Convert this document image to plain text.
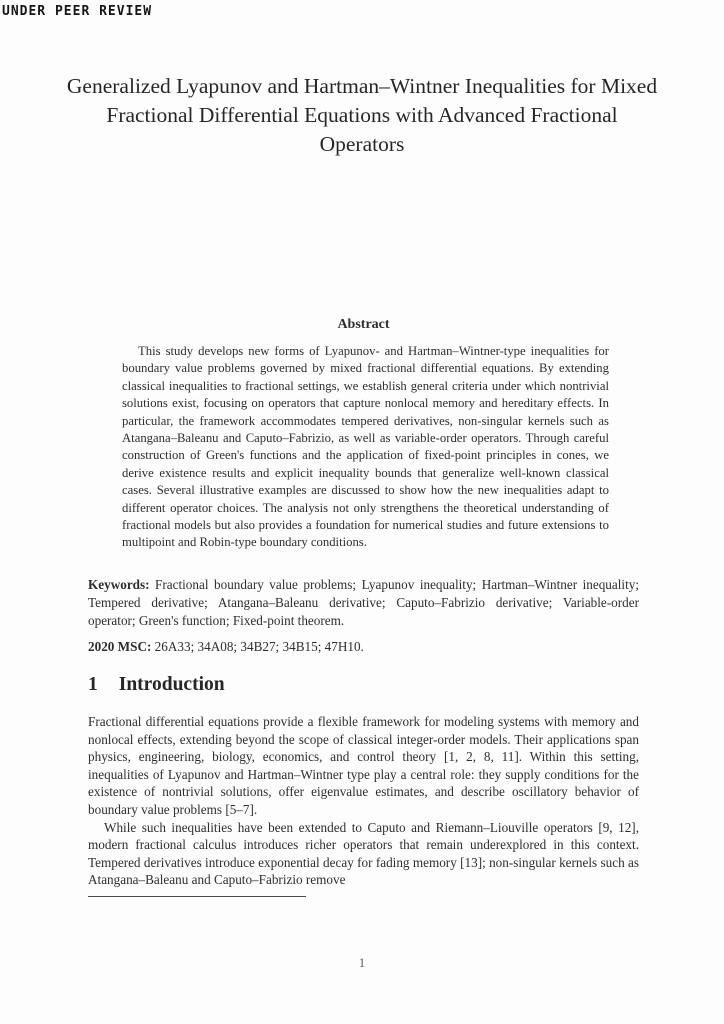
UNDER PEER REVIEW
Generalized Lyapunov and Hartman–Wintner Inequalities for Mixed Fractional Differential Equations with Advanced Fractional Operators
Abstract

This study develops new forms of Lyapunov- and Hartman–Wintner-type inequalities for boundary value problems governed by mixed fractional differential equations. By extending classical inequalities to fractional settings, we establish general criteria under which nontrivial solutions exist, focusing on operators that capture nonlocal memory and hereditary effects. In particular, the framework accommodates tempered derivatives, non-singular kernels such as Atangana–Baleanu and Caputo–Fabrizio, as well as variable-order operators. Through careful construction of Green's functions and the application of fixed-point principles in cones, we derive existence results and explicit inequality bounds that generalize well-known classical cases. Several illustrative examples are discussed to show how the new inequalities adapt to different operator choices. The analysis not only strengthens the theoretical understanding of fractional models but also provides a foundation for numerical studies and future extensions to multipoint and Robin-type boundary conditions.

Keywords: Fractional boundary value problems; Lyapunov inequality; Hartman–Wintner inequality; Tempered derivative; Atangana–Baleanu derivative; Caputo–Fabrizio derivative; Variable-order operator; Green's function; Fixed-point theorem.

2020 MSC: 26A33; 34A08; 34B27; 34B15; 47H10.

1 Introduction

Fractional differential equations provide a flexible framework for modeling systems with memory and nonlocal effects, extending beyond the scope of classical integer-order models. Their applications span physics, engineering, biology, economics, and control theory [1, 2, 8, 11]. Within this setting, inequalities of Lyapunov and Hartman–Wintner type play a central role: they supply conditions for the existence of nontrivial solutions, offer eigenvalue estimates, and describe oscillatory behavior of boundary value problems [5–7].

While such inequalities have been extended to Caputo and Riemann–Liouville operators [9, 12], modern fractional calculus introduces richer operators that remain underexplored in this context. Tempered derivatives introduce exponential decay for fading memory [13]; non-singular kernels such as Atangana–Baleanu and Caputo–Fabrizio remove

1
